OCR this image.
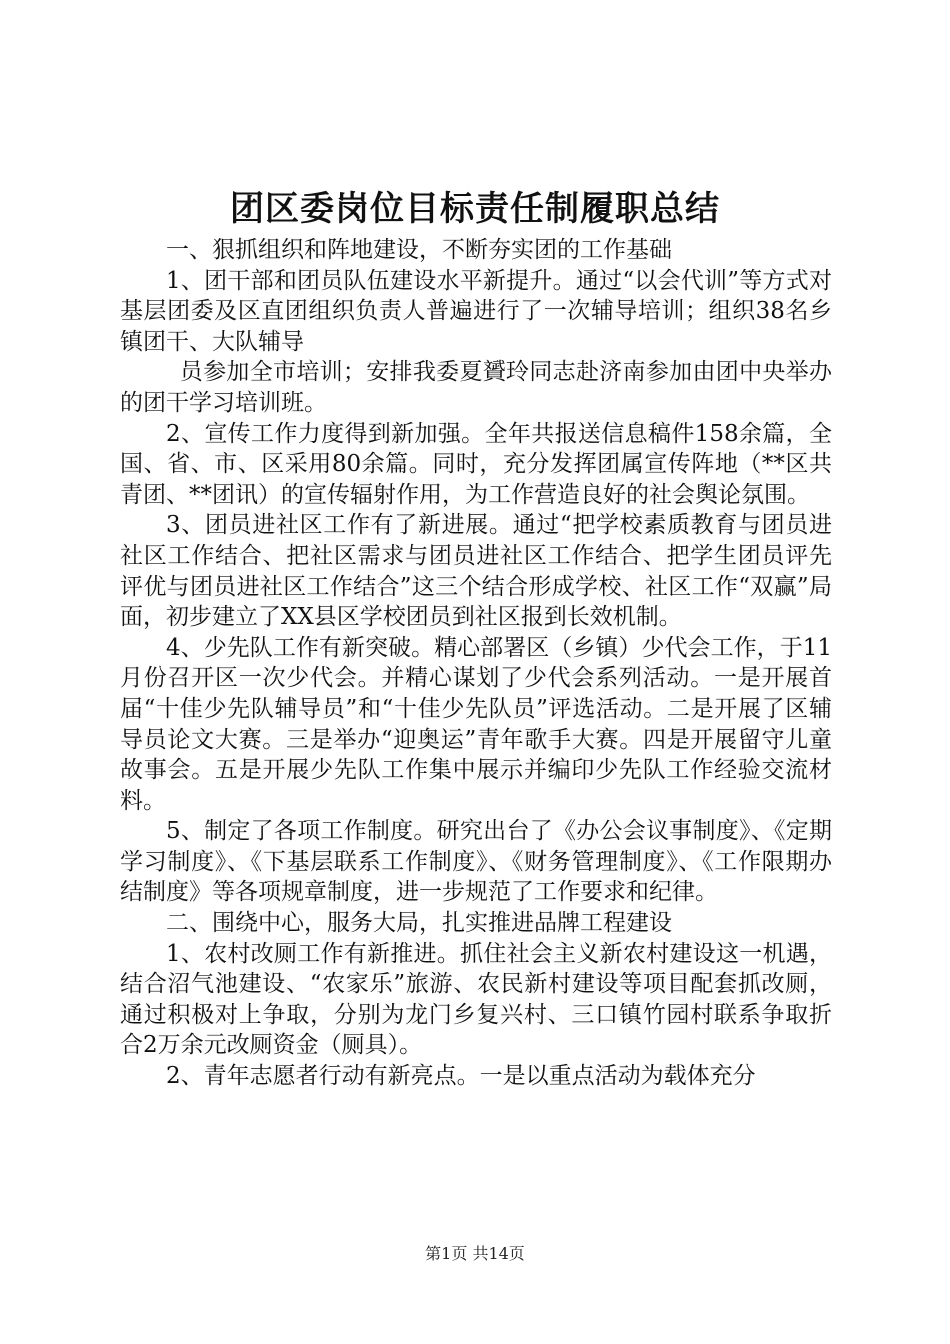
团区委岗位目标责任制履职总结

一、狠抓组织和阵地建设，不断夯实团的工作基础

1、团干部和团员队伍建设水平新提升。通过“以会代训”等方式对基层团委及区直团组织负责人普遍进行了一次辅导培训；组织38名乡镇团干、大队辅导

员参加全市培训；安排我委夏贇玲同志赴济南参加由团中央举办的团干学习培训班。

2、宣传工作力度得到新加强。全年共报送信息稿件158余篇，全国、省、市、区采用80余篇。同时，充分发挥团属宣传阵地（**区共青团、**团讯）的宣传辐射作用，为工作营造良好的社会舆论氛围。

3、团员进社区工作有了新进展。通过“把学校素质教育与团员进社区工作结合、把社区需求与团员进社区工作结合、把学生团员评先评优与团员进社区工作结合”这三个结合形成学校、社区工作“双赢”局面，初步建立了XX县区学校团员到社区报到长效机制。

4、少先队工作有新突破。精心部署区（乡镇）少代会工作，于11月份召开区一次少代会。并精心谋划了少代会系列活动。一是开展首届“十佳少先队辅导员”和“十佳少先队员”评选活动。二是开展了区辅导员论文大赛。三是举办“迎奥运”青年歌手大赛。四是开展留守儿童故事会。五是开展少先队工作集中展示并编印少先队工作经验交流材料。

5、制定了各项工作制度。研究出台了《办公会议事制度》、《定期学习制度》、《下基层联系工作制度》、《财务管理制度》、《工作限期办结制度》等各项规章制度，进一步规范了工作要求和纪律。

二、围绕中心，服务大局，扎实推进品牌工程建设

1、农村改厕工作有新推进。抓住社会主义新农村建设这一机遇，结合沼气池建设、“农家乐”旅游、农民新村建设等项目配套抓改厕，通过积极对上争取，分别为龙门乡复兴村、三口镇竹园村联系争取折合2万余元改厕资金（厕具）。

2、青年志愿者行动有新亮点。一是以重点活动为载体充分

第1页 共14页
